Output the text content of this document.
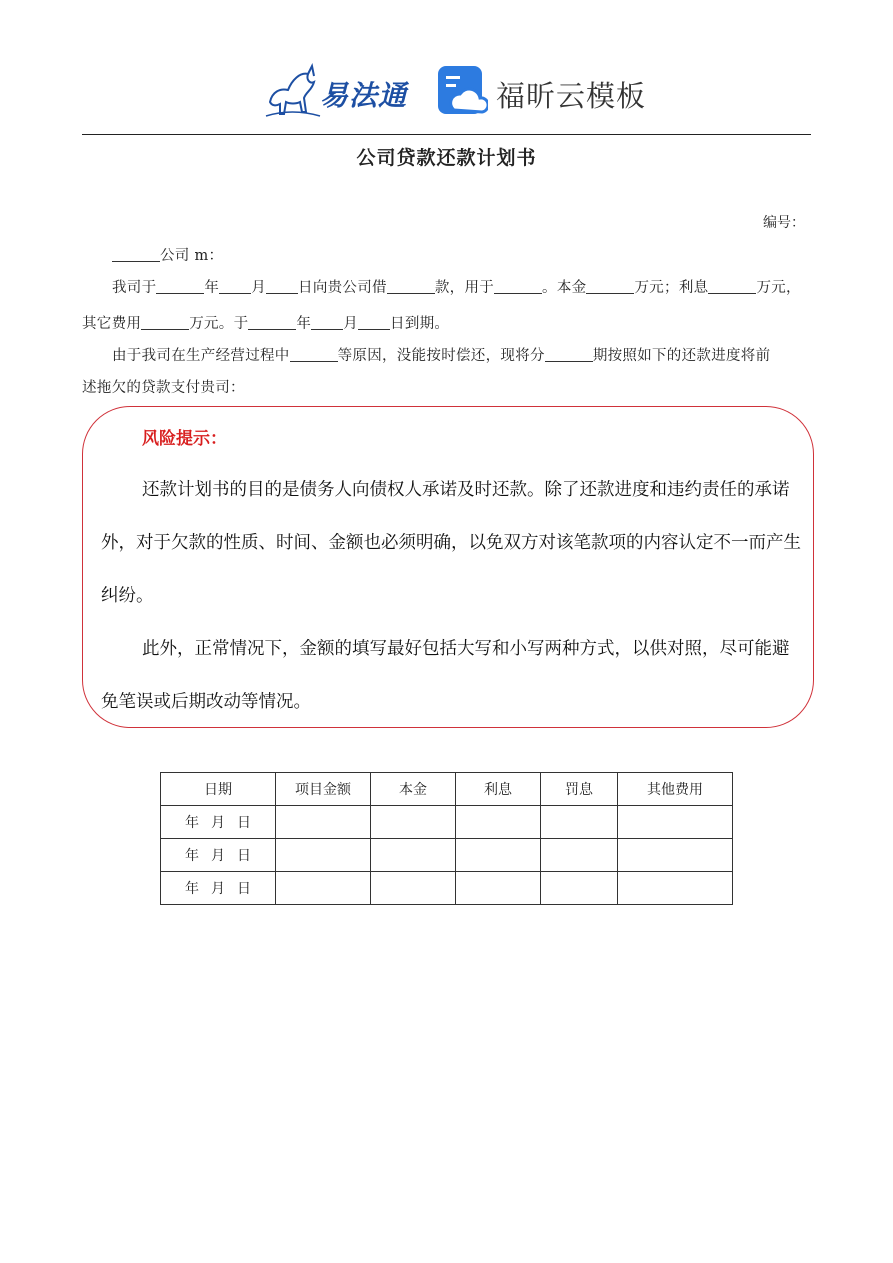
易法通	福昕云模板
公司贷款还款计划书
编号：
公司 m：
我司于	年 月 日向贵公司借	款，用于	。本金	万元；利息	万元，
其它费用	万元。于	年 月 日到期。
由于我司在生产经营过程中	等原因，没能按时偿还，现将分	期按照如下的还款进度将前
述拖欠的贷款支付贵司：
风险提示：
还款计划书的目的是债务人向债权人承诺及时还款。除了还款进度和违约责任的承诺
外，对于欠款的性质、时间、金额也必须明确，以免双方对该笔款项的内容认定不一而产生
纠纷。
此外，正常情况下，金额的填写最好包括大写和小写两种方式，以供对照，尽可能避
免笔误或后期改动等情况。
日期	项目金额	本金	利息	罚息	其他费用
年 月 日					
年 月 日					
年 月 日					
